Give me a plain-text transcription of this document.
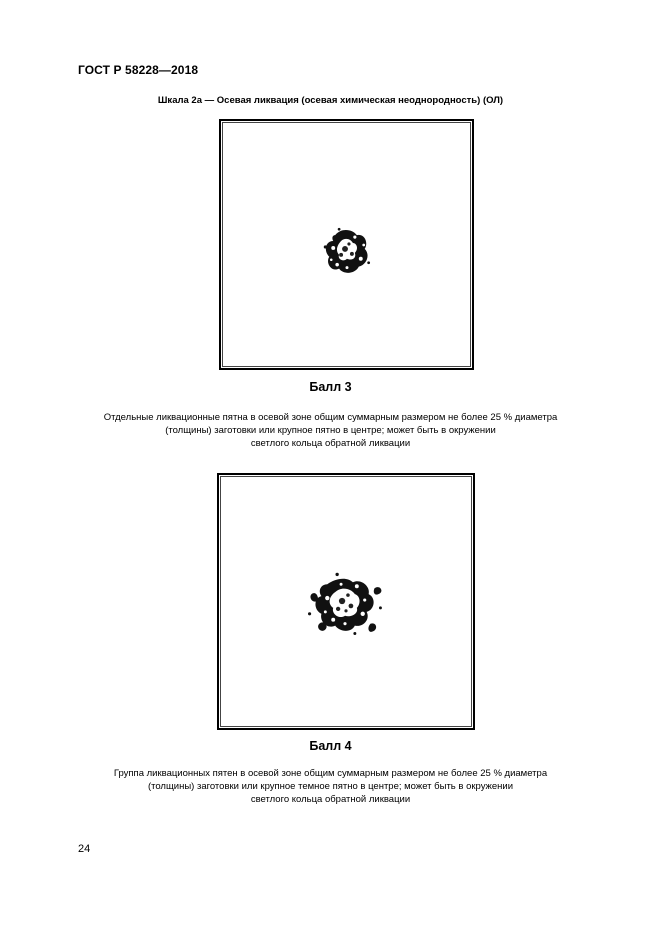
ГОСТ Р 58228—2018
Шкала 2а — Осевая ликвация (осевая химическая неоднородность) (ОЛ)
Балл 3
Отдельные ликвационные пятна в осевой зоне общим суммарным размером не более 25 % диаметра
(толщины) заготовки или крупное пятно в центре; может быть в окружении
светлого кольца обратной ликвации
Балл 4
Группа ликвационных пятен в осевой зоне общим суммарным размером не более 25 % диаметра
(толщины) заготовки или крупное темное пятно в центре; может быть в окружении
светлого кольца обратной ликвации
24
